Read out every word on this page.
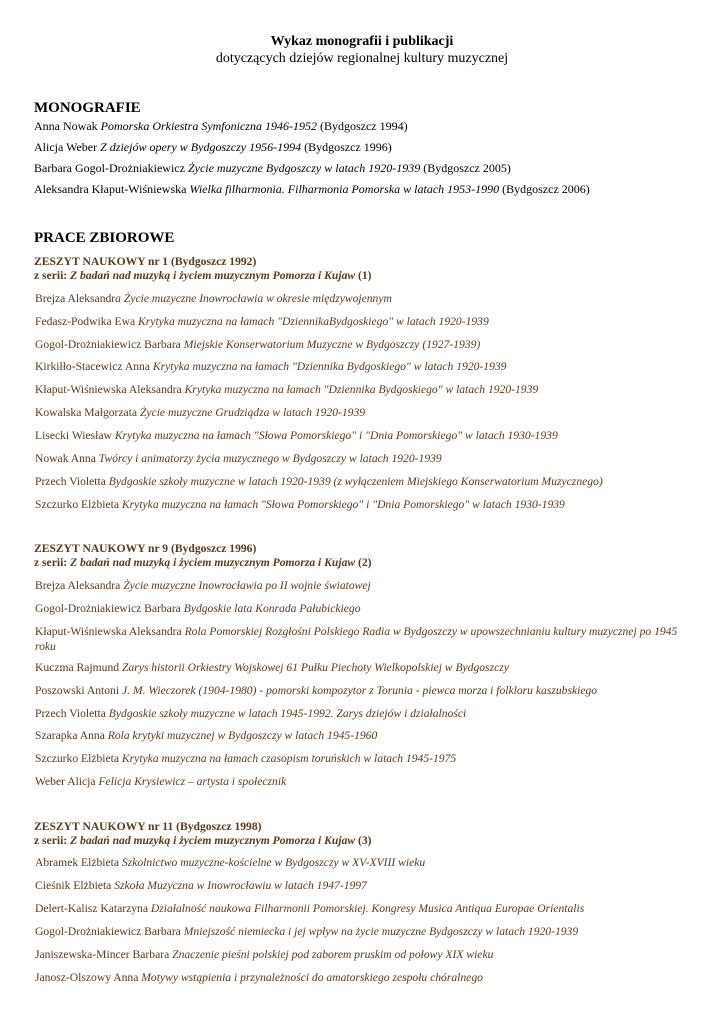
Wykaz monografii i publikacji
dotyczących dziejów regionalnej kultury muzycznej
MONOGRAFIE
Anna Nowak Pomorska Orkiestra Symfoniczna 1946-1952 (Bydgoszcz 1994)
Alicja Weber Z dziejów opery w Bydgoszczy 1956-1994 (Bydgoszcz 1996)
Barbara Gogol-Drożniakiewicz Życie muzyczne Bydgoszczy w latach 1920-1939 (Bydgoszcz 2005)
Aleksandra Kłaput-Wiśniewska Wielka filharmonia. Filharmonia Pomorska w latach 1953-1990 (Bydgoszcz 2006)
PRACE ZBIOROWE
ZESZYT NAUKOWY nr 1 (Bydgoszcz 1992)
z serii: Z badań nad muzyką i życiem muzycznym Pomorza i Kujaw (1)
Brejza Aleksandra Życie muzyczne Inowrocławia w okresie międzywojennym
Fedasz-Podwika Ewa Krytyka muzyczna na łamach "DziennikaBydgoskiego" w latach 1920-1939
Gogol-Drożniakiewicz Barbara Miejskie Konserwatorium Muzyczne w Bydgoszczy (1927-1939)
Kirkiłło-Stacewicz Anna Krytyka muzyczna na łamach "Dziennika Bydgoskiego" w latach 1920-1939
Kłaput-Wiśniewska Aleksandra Krytyka muzyczna na łamach "Dziennika Bydgoskiego" w latach 1920-1939
Kowalska Małgorzata Życie muzyczne Grudziądza w latach 1920-1939
Lisecki Wiesław Krytyka muzyczna na łamach "Słowa Pomorskiego" i "Dnia Pomorskiego" w latach 1930-1939
Nowak Anna Twórcy i animatorzy życia muzycznego w Bydgoszczy w latach 1920-1939
Przech Violetta Bydgoskie szkoły muzyczne w latach 1920-1939 (z wyłączeniem Miejskiego Konserwatorium Muzycznego)
Szczurko Elżbieta Krytyka muzyczna na łamach "Słowa Pomorskiego" i "Dnia Pomorskiego" w latach 1930-1939
ZESZYT NAUKOWY nr 9 (Bydgoszcz 1996)
z serii: Z badań nad muzyką i życiem muzycznym Pomorza i Kujaw (2)
Brejza Aleksandra Życie muzyczne Inowrocławia po II wojnie światowej
Gogol-Drożniakiewicz Barbara Bydgoskie lata Konrada Pałubickiego
Kłaput-Wiśniewska Aleksandra Rola Pomorskiej Rozgłośni Polskiego Radia w Bydgoszczy w upowszechnianiu kultury muzycznej po 1945 roku
Kuczma Rajmund Zarys historii Orkiestry Wojskowej 61 Pułku Piechoty Wielkopolskiej w Bydgoszczy
Poszowski Antoni J. M. Wieczorek (1904-1980) - pomorski kompozytor z Torunia - piewca morza i folkloru kaszubskiego
Przech Violetta Bydgoskie szkoły muzyczne w latach 1945-1992. Zarys dziejów i działalności
Szarapka Anna Rola krytyki muzycznej w Bydgoszczy w latach 1945-1960
Szczurko Elżbieta Krytyka muzyczna na łamach czasopism toruńskich w latach 1945-1975
Weber Alicja Felicja Krysiewicz – artysta i społecznik
ZESZYT NAUKOWY nr 11 (Bydgoszcz 1998)
z serii: Z badań nad muzyką i życiem muzycznym Pomorza i Kujaw (3)
Abramek Elżbieta Szkolnictwo muzyczne-kościelne w Bydgoszczy w XV-XVIII wieku
Cieśnik Elżbieta Szkoła Muzyczna w Inowrocławiu w latach 1947-1997
Delert-Kalisz Katarzyna Działalność naukowa Filharmonii Pomorskiej. Kongresy Musica Antiqua Europae Orientalis
Gogol-Drożniakiewicz Barbara Mniejszość niemiecka i jej wpływ na życie muzyczne Bydgoszczy w latach 1920-1939
Janiszewska-Mincer Barbara Znaczenie pieśni polskiej pod zaborem pruskim od połowy XIX wieku
Janosz-Olszowy Anna Motywy wstąpienia i przynależności do amatorskiego zespołu chóralnego
